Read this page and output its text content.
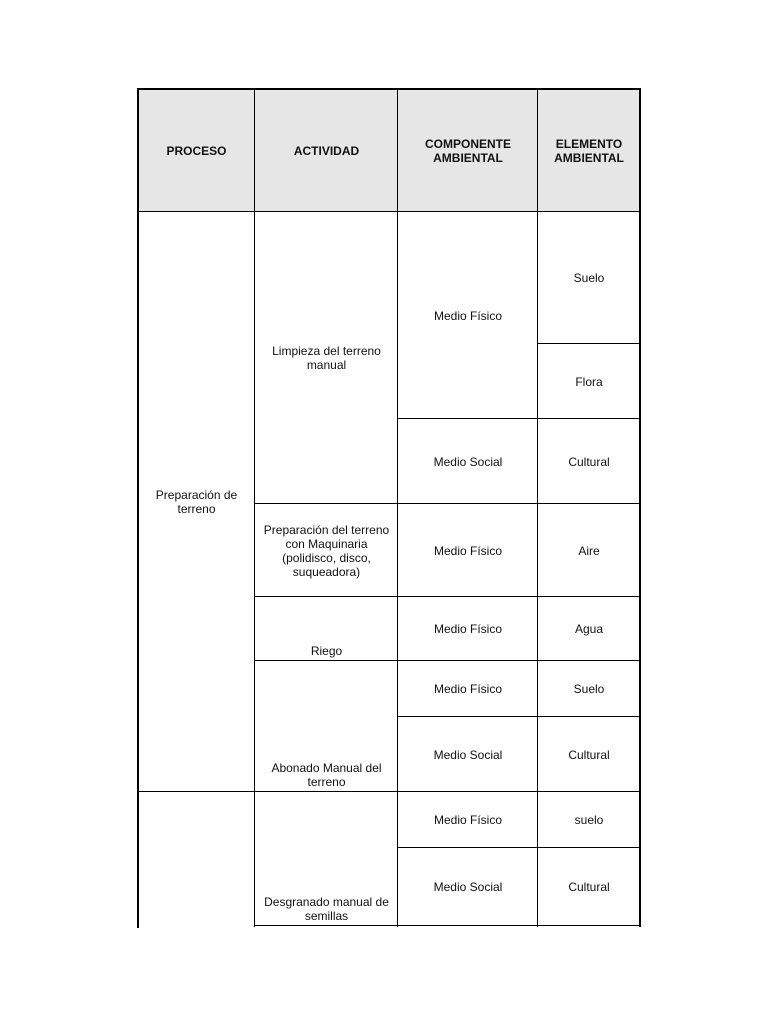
PROCESO	ACTIVIDAD	COMPONENTE
AMBIENTAL
ELEMENTO
AMBIENTAL
Preparación de
terreno
Limpieza del terreno
manual
Preparación del terreno
con Maquinaria
(polidisco, disco,
suqueadora)
Riego
Abonado Manual del
terreno
Desgranado manual de
semillas
Medio Físico
Medio Social
Medio Físico
Medio Físico
Medio Físico
Medio Social
Medio Físico
Medio Social
Suelo
Flora
Cultural
Aire
Agua
Suelo
Cultural
suelo
Cultural
